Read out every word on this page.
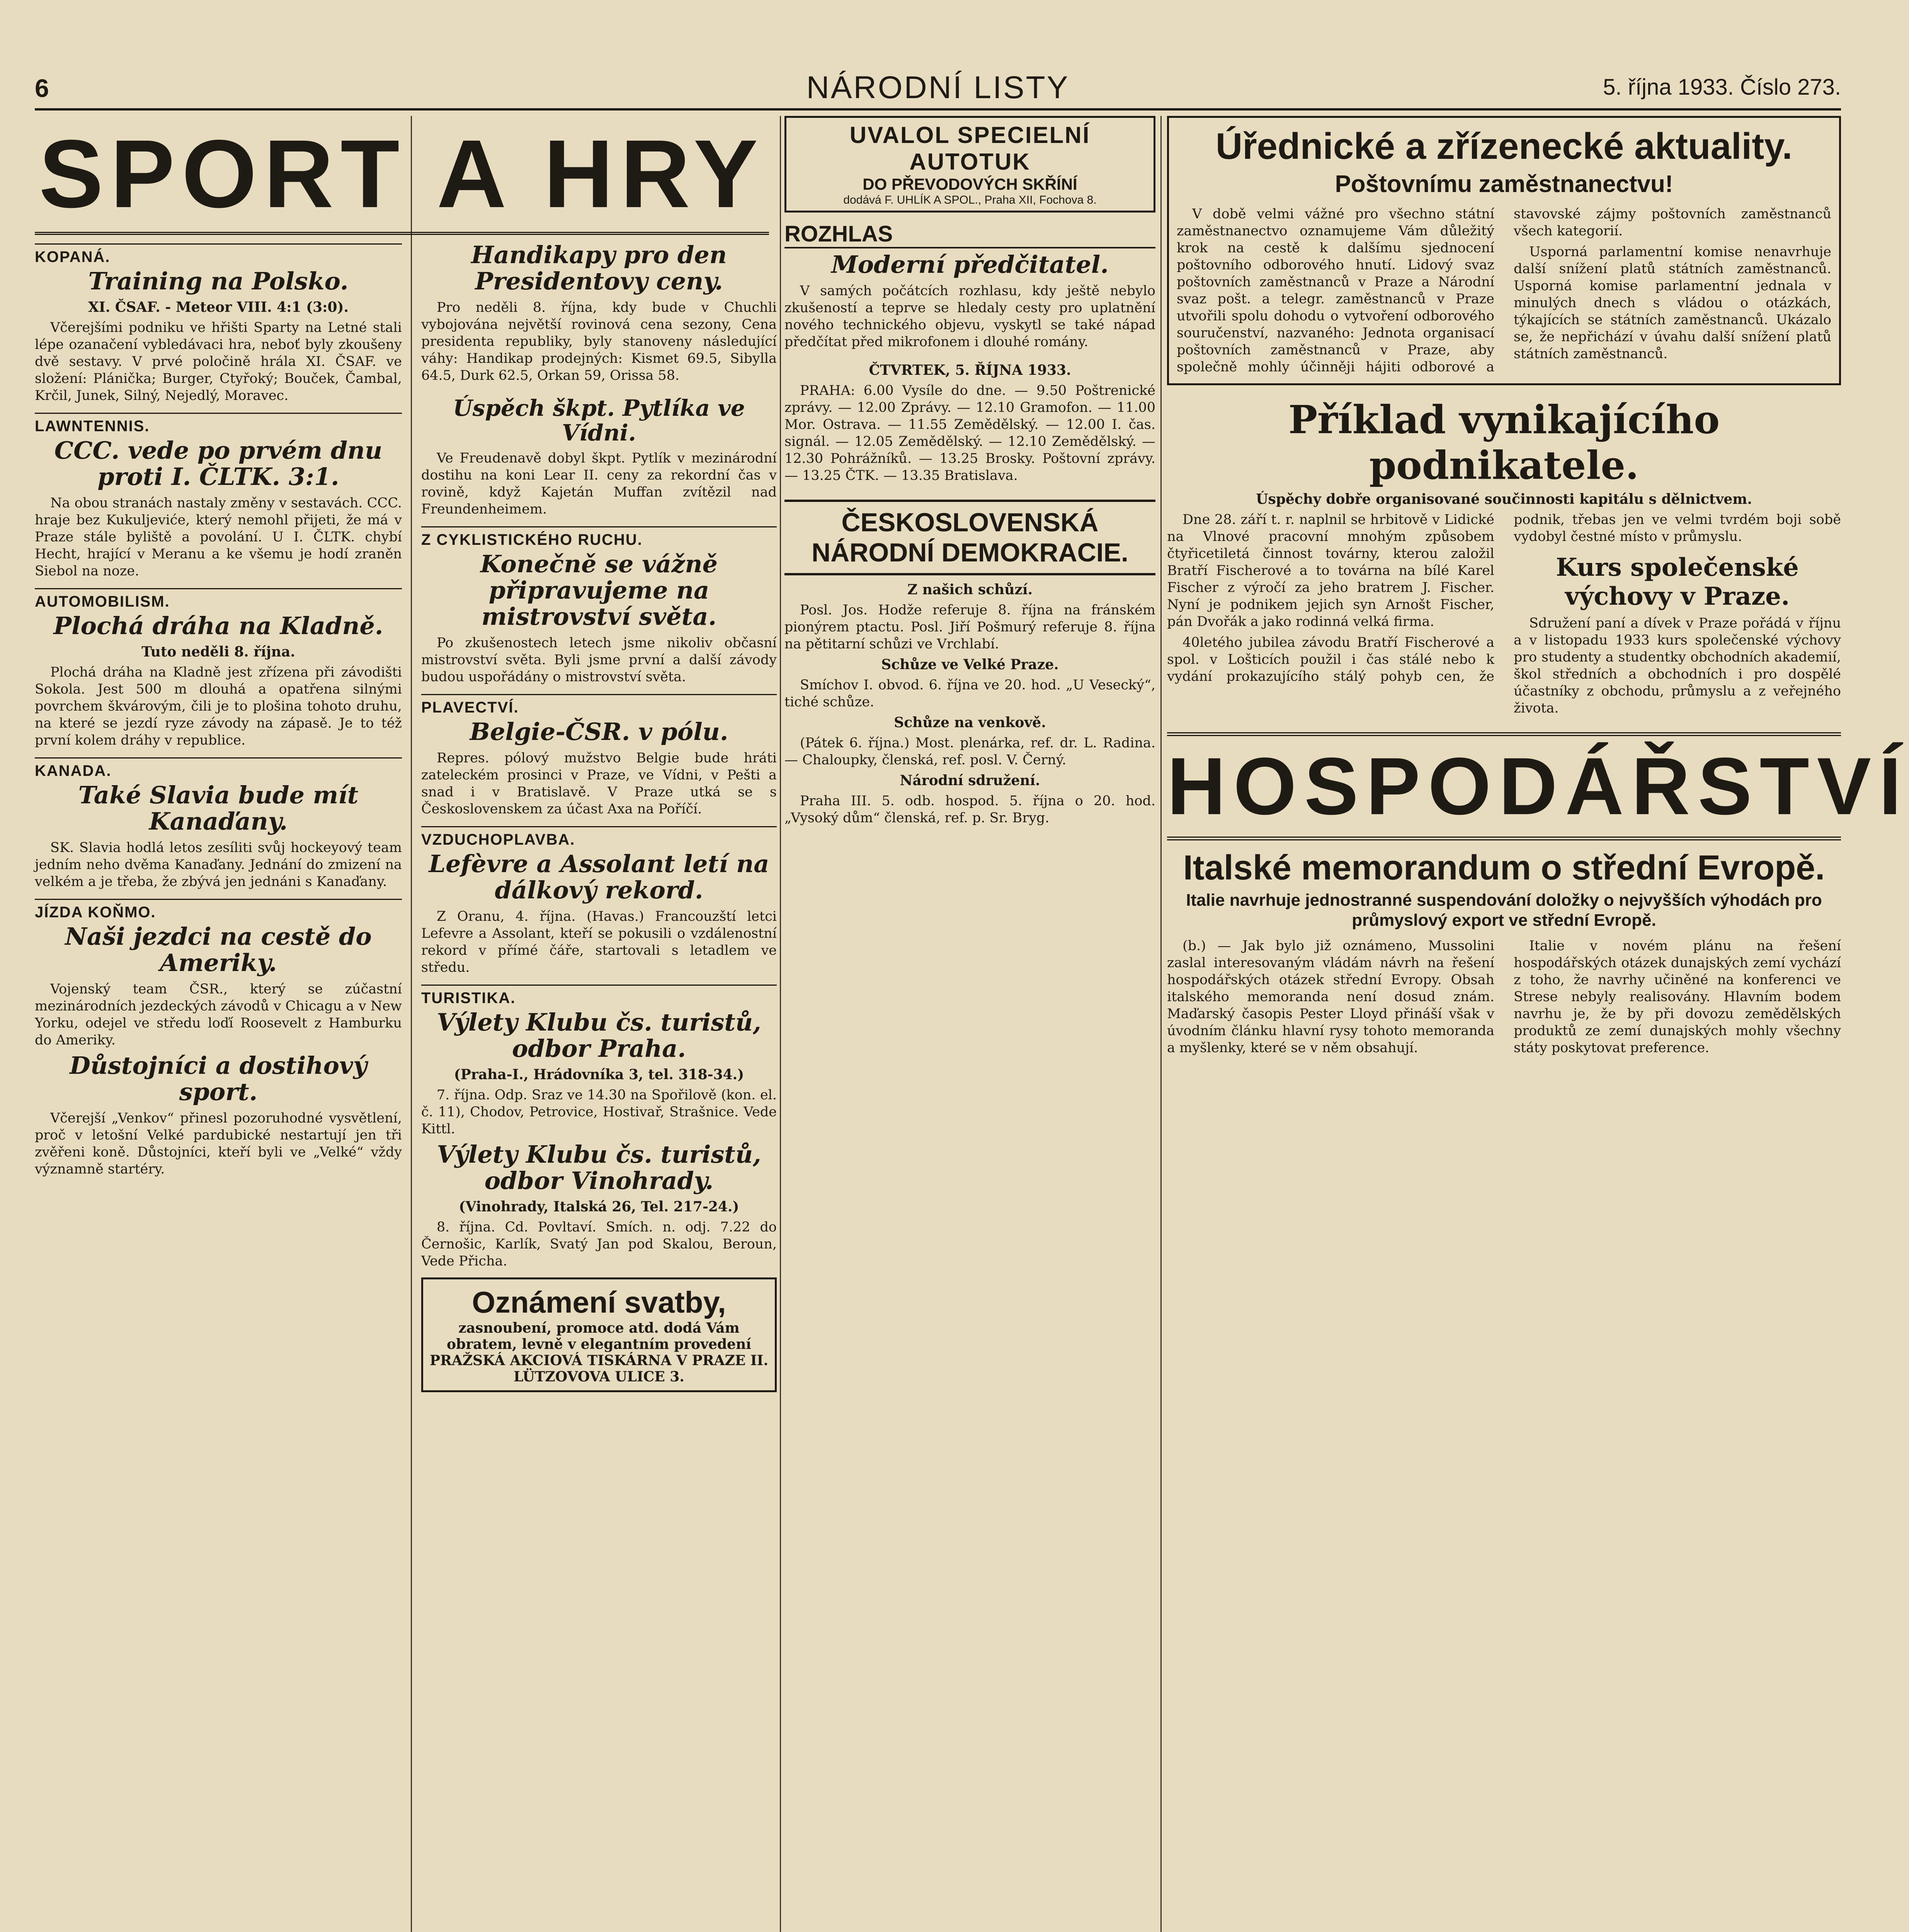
6	NÁRODNÍ LISTY	5. října 1933. Číslo 273.
SPORT A HRY
KOPANÁ.
Training na Polsko.
XI. ČSAF. - Meteor VIII. 4:1 (3:0).

Včerejšími podniku ve hřišti Sparty na Letné stali lépe ozanačení vybledávaci hra, neboť byly zkoušeny dvě sestavy. V prvé poločině hrála XI. ČSAF. ve složení: Plánička; Burger, Ctyřoký; Bouček, Čambal, Krčil, Junek, Silný, Nejedlý, Moravec.

LAWNTENNIS.
CCC. vede po prvém dnu proti I. ČLTK. 3:1.

Na obou stranách nastaly změny v sestavách. CCC. hraje bez Kukuljeviće, který nemohl přijeti, že má v Praze stále byliště a povolání. U I. ČLTK. chybí Hecht, hrající v Meranu a ke všemu je hodí zraněn Siebol na noze.

AUTOMOBILISM.
Plochá dráha na Kladně.
Tuto neděli 8. října.

Plochá dráha na Kladně jest zřízena při závodišti Sokola. Jest 500 m dlouhá a opatřena silnými povrchem škvárovým, čili je to plošina tohoto druhu, na které se jezdí ryze závody na zápasě. Je to též první kolem dráhy v republice.

KANADA.
Také Slavia bude mít Kanaďany.

SK. Slavia hodlá letos zesíliti svůj hockeyový team jedním neho dvěma Kanaďany. Jednání do zmizení na velkém a je třeba, že zbývá jen jednáni s Kanaďany.

JÍZDA KOŇMO.
Naši jezdci na cestě do Ameriky.

Vojenský team ČSR., který se zúčastní mezinárodních jezdeckých závodů v Chicagu a v New Yorku, odejel ve středu loďí Roosevelt z Hamburku do Ameriky.

Důstojníci a dostihový sport.

Včerejší „Venkov“ přinesl pozoruhodné vysvětlení, proč v letošní Velké pardubické nestartují jen tři zvěřeni koně. Důstojníci, kteří byli ve „Velké“ vždy významně startéry.

Handikapy pro den Presidentovy ceny.

Pro neděli 8. října, kdy bude v Chuchli vybojována největší rovinová cena sezony, Cena presidenta republiky, byly stanoveny následující váhy: Handikap prodejných: Kismet 69.5, Sibylla 64.5, Durk 62.5, Orkan 59, Orissa 58.

Úspěch škpt. Pytlíka ve Vídni.

Ve Freudenavě dobyl škpt. Pytlík v mezinárodní dostihu na koni Lear II. ceny za rekordní čas v rovině, když Kajetán Muffan zvítězil nad Freundenheimem.

Z CYKLISTICKÉHO RUCHU.
Konečně se vážně připravujeme na mistrovství světa.

Po zkušenostech letech jsme nikoliv občasní mistrovství světa. Byli jsme první a další závody budou uspořádány o mistrovství světa.

PLAVECTVÍ.
Belgie-ČSR. v pólu.

Repres. pólový mužstvo Belgie bude hráti zateleckém prosinci v Praze, ve Vídni, v Pešti a snad i v Bratislavě. V Praze utká se s Československem za účast Axa na Poříčí.

VZDUCHOPLAVBA.
Lefèvre a Assolant letí na dálkový rekord.

Z Oranu, 4. října. (Havas.) Francouzští letci Lefevre a Assolant, kteří se pokusili o vzdálenostní rekord v přímé čáře, startovali s letadlem ve středu.

TURISTIKA.
Výlety Klubu čs. turistů, odbor Praha.
(Praha-I., Hrádovníka 3, tel. 318-34.)

7. října. Odp. Sraz ve 14.30 na Spořilově (kon. el. č. 11), Chodov, Petrovice, Hostivař, Strašnice. Vede Kittl.

Výlety Klubu čs. turistů, odbor Vinohrady.
(Vinohrady, Italská 26, Tel. 217-24.)

8. října. Cd. Povltaví. Smích. n. odj. 7.22 do Černošic, Karlík, Svatý Jan pod Skalou, Beroun, Vede Přicha.

Oznámení svatby,
zasnoubení, promoce atd. dodá Vám obratem, levně v elegantním provedení PRAŽSKÁ AKCIOVÁ TISKÁRNA V PRAZE II. LÜTZOVOVA ULICE 3.
UVALOL SPECIELNÍ AUTOTUK
DO PŘEVODOVÝCH SKŘÍNÍ
dodává F. UHLÍK A SPOL., Praha XII, Fochova 8.
ROZHLAS
Moderní předčitatel.

V samých počátcích rozhlasu, kdy ještě nebylo zkušeností a teprve se hledaly cesty pro uplatnění nového technického objevu, vyskytl se také nápad předčítat před mikrofonem i dlouhé romány.

ČTVRTEK, 5. ŘÍJNA 1933.

PRAHA: 6.00 Vysíle do dne. — 9.50 Poštrenické zprávy. — 12.00 Zprávy. — 12.10 Gramofon. — 11.00 Mor. Ostrava. — 11.55 Zemědělský. — 12.00 I. čas. signál. — 12.05 Zemědělský. — 12.10 Zemědělský. — 12.30 Pohrážníků. — 13.25 Brosky. Poštovní zprávy. — 13.25 ČTK. — 13.35 Bratislava.

ČESKOSLOVENSKÁ NÁRODNÍ DEMOKRACIE.
Z našich schůzí.

Posl. Jos. Hodže referuje 8. října na fránském pionýrem ptactu. Posl. Jiří Pošmurý referuje 8. října na pětitarní schůzi ve Vrchlabí.

Schůze ve Velké Praze.

Smíchov I. obvod. 6. října ve 20. hod. „U Vesecký“, tiché schůze.

Schůze na venkově.

(Pátek 6. října.) Most. plenárka, ref. dr. L. Radina. — Chaloupky, členská, ref. posl. V. Černý.

Národní sdružení.

Praha III. 5. odb. hospod. 5. října o 20. hod. „Vysoký dům“ členská, ref. p. Sr. Bryg.

Úřednické a zřízenecké aktuality.
Poštovnímu zaměstnanectvu!

V době velmi vážné pro všechno státní zaměstnanectvo oznamujeme Vám důležitý krok na cestě k dalšímu sjednocení poštovního odborového hnutí. Lidový svaz poštovních zaměstnanců v Praze a Národní svaz pošt. a telegr. zaměstnanců v Praze utvořili spolu dohodu o vytvoření odborového souručenství, nazvaného: Jednota organisací poštovních zaměstnanců v Praze, aby společně mohly účinněji hájiti odborové a stavovské zájmy poštovních zaměstnanců všech kategorií.

Usporná parlamentní komise nenavrhuje další snížení platů státních zaměstnanců. Usporná komise parlamentní jednala v minulých dnech s vládou o otázkách, týkajících se státních zaměstnanců. Ukázalo se, že nepřichází v úvahu další snížení platů státních zaměstnanců.

Příklad vynikajícího podnikatele.
Úspěchy dobře organisované součinnosti kapitálu s dělnictvem.

Dne 28. září t. r. naplnil se hrbitově v Lidické na Vlnové pracovní mnohým způsobem čtyřicetiletá činnost továrny, kterou založil Bratří Fischerové a to továrna na bílé Karel Fischer z výročí za jeho bratrem J. Fischer. Nyní je podnikem jejich syn Arnošt Fischer, pán Dvořák a jako rodinná velká firma.

40letého jubilea závodu Bratří Fischerové a spol. v Lošticích použil i čas stálé nebo k vydání prokazujícího stálý pohyb cen, že podnik, třebas jen ve velmi tvrdém boji sobě vydobyl čestné místo v průmyslu.

Kurs společenské výchovy v Praze.

Sdružení paní a dívek v Praze pořádá v říjnu a v listopadu 1933 kurs společenské výchovy pro studenty a studentky obchodních akademií, škol středních a obchodních i pro dospělé účastníky z obchodu, průmyslu a z veřejného života.

HOSPODÁŘSTVÍ
Italské memorandum o střední Evropě.
Italie navrhuje jednostranné suspendování doložky o nejvyšších výhodách pro průmyslový export ve střední Evropě.

(b.) — Jak bylo již oznámeno, Mussolini zaslal interesovaným vládám návrh na řešení hospodářských otázek střední Evropy. Obsah italského memoranda není dosud znám. Maďarský časopis Pester Lloyd přináší však v úvodním článku hlavní rysy tohoto memoranda a myšlenky, které se v něm obsahují.

Italie v novém plánu na řešení hospodářských otázek dunajských zemí vychází z toho, že navrhy učiněné na konferenci ve Strese nebyly realisovány. Hlavním bodem navrhu je, že by při dovozu zemědělských produktů ze zemí dunajských mohly všechny státy poskytovat preference.
